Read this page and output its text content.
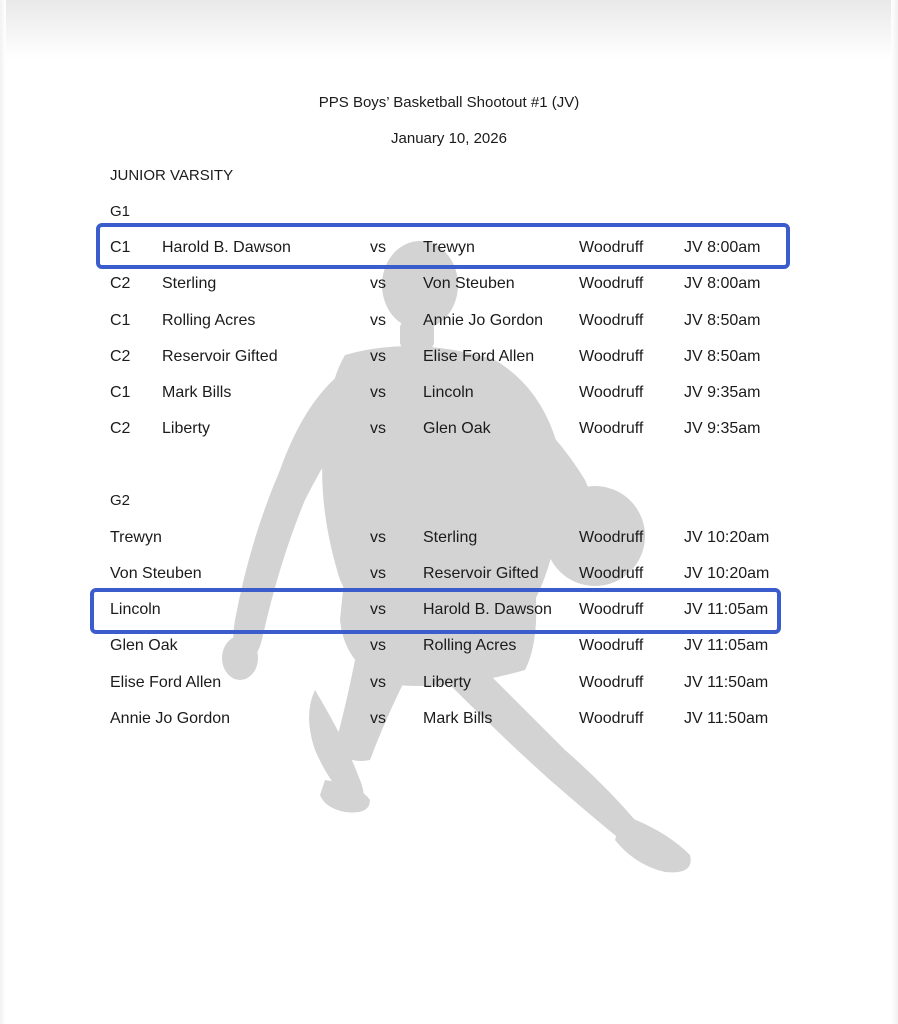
PPS Boys’ Basketball Shootout #1 (JV)
January 10, 2026
JUNIOR VARSITY
G1
C1 Harold B. Dawson	vs Trewyn	Woodruff	JV 8:00am
C2 Sterling	vs Von Steuben	Woodruff	JV 8:00am
C1 Rolling Acres	vs Annie Jo Gordon Woodruff	JV 8:50am
C2 Reservoir Gifted	vs Elise Ford Allen	Woodruff	JV 8:50am
C1 Mark Bills	vs Lincoln	Woodruff	JV 9:35am
C2 Liberty	vs Glen Oak	Woodruff	JV 9:35am
G2
Trewyn	vs Sterling	Woodruff	JV 10:20am
Von Steuben	vs Reservoir Gifted	Woodruff	JV 10:20am
Lincoln	vs Harold B. Dawson Woodruff	JV 11:05am
Glen Oak	vs Rolling Acres	Woodruff	JV 11:05am
Elise Ford Allen	vs Liberty	Woodruff	JV 11:50am
Annie Jo Gordon	vs Mark Bills	Woodruff	JV 11:50am
